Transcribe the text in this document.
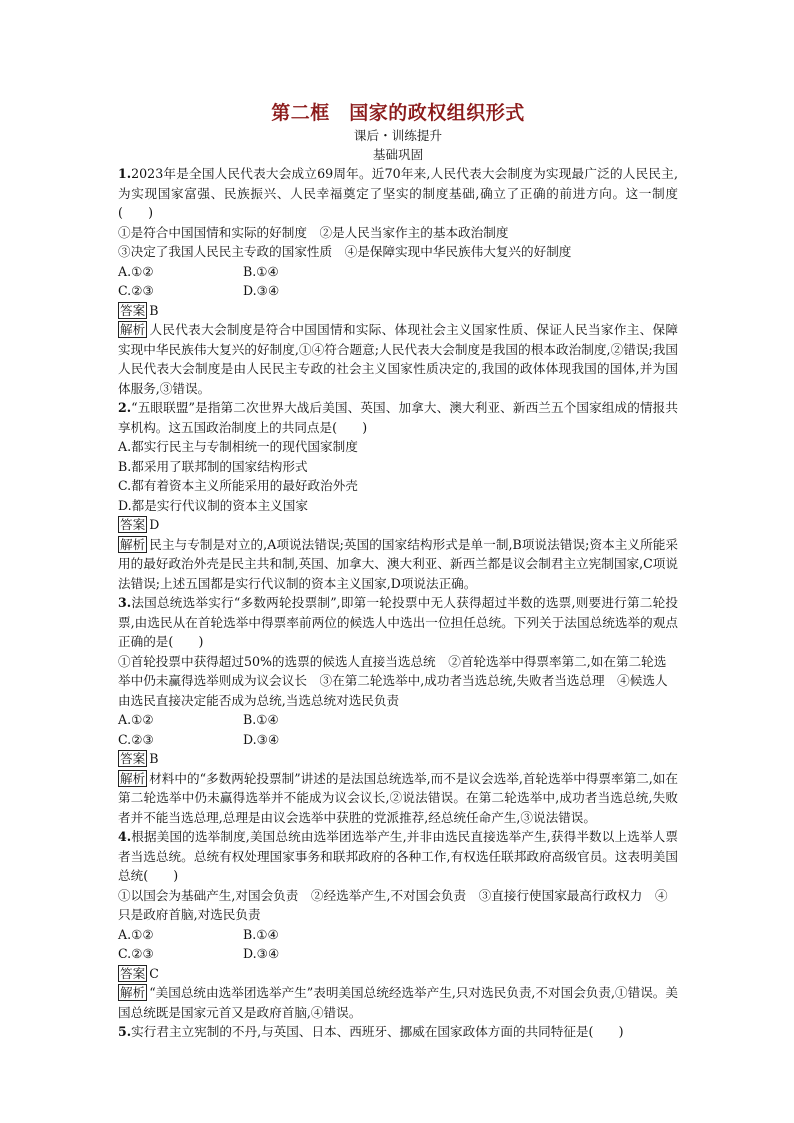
第二框　国家的政权组织形式
课后・训练提升
基础巩固

1.2023年是全国人民代表大会成立69周年。近70年来,人民代表大会制度为实现最广泛的人民民主,为实现国家富强、民族振兴、人民幸福奠定了坚实的制度基础,确立了正确的前进方向。这一制度(　　)

①是符合中国国情和实际的好制度　②是人民当家作主的基本政治制度

③决定了我国人民民主专政的国家性质　④是保障实现中华民族伟大复兴的好制度

A.①②	B.①④
C.②③	D.③④

答案 B

解析 人民代表大会制度是符合中国国情和实际、体现社会主义国家性质、保证人民当家作主、保障实现中华民族伟大复兴的好制度,①④符合题意;人民代表大会制度是我国的根本政治制度,②错误;我国人民代表大会制度是由人民民主专政的社会主义国家性质决定的,我国的政体体现我国的国体,并为国体服务,③错误。

2.“五眼联盟”是指第二次世界大战后美国、英国、加拿大、澳大利亚、新西兰五个国家组成的情报共享机构。这五国政治制度上的共同点是(　　)

A.都实行民主与专制相统一的现代国家制度

B.都采用了联邦制的国家结构形式

C.都有着资本主义所能采用的最好政治外壳

D.都是实行代议制的资本主义国家

答案 D

解析 民主与专制是对立的,A项说法错误;英国的国家结构形式是单一制,B项说法错误;资本主义所能采用的最好政治外壳是民主共和制,英国、加拿大、澳大利亚、新西兰都是议会制君主立宪制国家,C项说法错误;上述五国都是实行代议制的资本主义国家,D项说法正确。

3.法国总统选举实行“多数两轮投票制”,即第一轮投票中无人获得超过半数的选票,则要进行第二轮投票,由选民从在首轮选举中得票率前两位的候选人中选出一位担任总统。下列关于法国总统选举的观点正确的是(　　)

①首轮投票中获得超过50%的选票的候选人直接当选总统　②首轮选举中得票率第二,如在第二轮选举中仍未赢得选举则成为议会议长　③在第二轮选举中,成功者当选总统,失败者当选总理　④候选人由选民直接决定能否成为总统,当选总统对选民负责

A.①②	B.①④
C.②③	D.③④

答案 B

解析 材料中的“多数两轮投票制”讲述的是法国总统选举,而不是议会选举,首轮选举中得票率第二,如在第二轮选举中仍未赢得选举并不能成为议会议长,②说法错误。在第二轮选举中,成功者当选总统,失败者并不能当选总理,总理是由议会选举中获胜的党派推荐,经总统任命产生,③说法错误。

4.根据美国的选举制度,美国总统由选举团选举产生,并非由选民直接选举产生,获得半数以上选举人票者当选总统。总统有权处理国家事务和联邦政府的各种工作,有权选任联邦政府高级官员。这表明美国总统(　　)

①以国会为基础产生,对国会负责　②经选举产生,不对国会负责　③直接行使国家最高行政权力　④只是政府首脑,对选民负责

A.①②	B.①④
C.②③	D.③④

答案 C

解析 “美国总统由选举团选举产生”表明美国总统经选举产生,只对选民负责,不对国会负责,①错误。美国总统既是国家元首又是政府首脑,④错误。

5.实行君主立宪制的不丹,与英国、日本、西班牙、挪威在国家政体方面的共同特征是(　　)
